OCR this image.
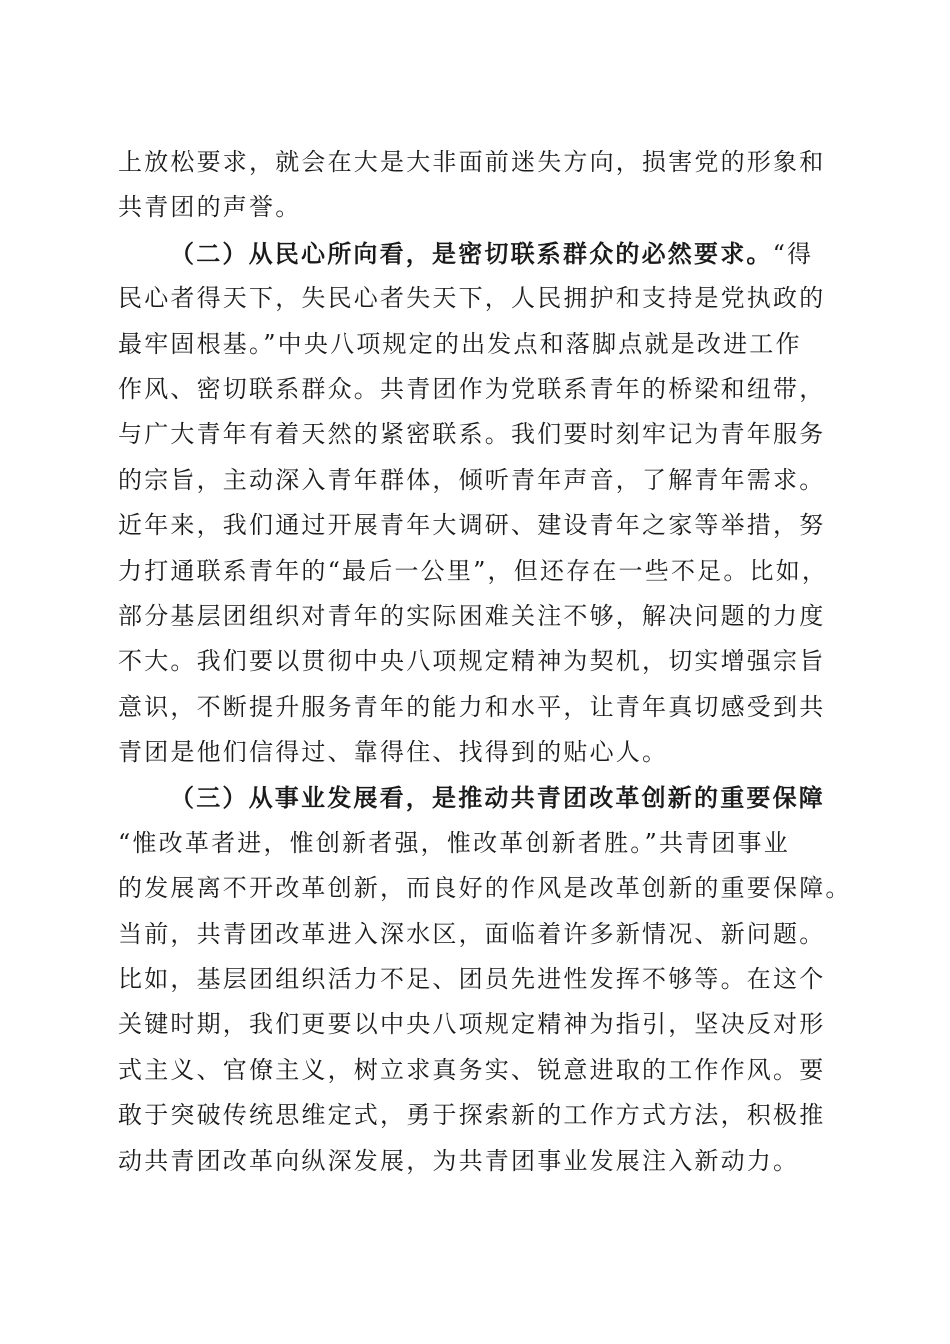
上放松要求，就会在大是大非面前迷失方向，损害党的形象和
共青团的声誉。
（二）从民心所向看，是密切联系群众的必然要求。“得
民心者得天下，失民心者失天下，人民拥护和支持是党执政的
最牢固根基。”中央八项规定的出发点和落脚点就是改进工作
作风、密切联系群众。共青团作为党联系青年的桥梁和纽带，
与广大青年有着天然的紧密联系。我们要时刻牢记为青年服务
的宗旨，主动深入青年群体，倾听青年声音，了解青年需求。
近年来，我们通过开展青年大调研、建设青年之家等举措，努
力打通联系青年的“最后一公里”，但还存在一些不足。比如，
部分基层团组织对青年的实际困难关注不够，解决问题的力度
不大。我们要以贯彻中央八项规定精神为契机，切实增强宗旨
意识，不断提升服务青年的能力和水平，让青年真切感受到共
青团是他们信得过、靠得住、找得到的贴心人。
（三）从事业发展看，是推动共青团改革创新的重要保障
“惟改革者进，惟创新者强，惟改革创新者胜。”共青团事业
的发展离不开改革创新，而良好的作风是改革创新的重要保障。
当前，共青团改革进入深水区，面临着许多新情况、新问题。
比如，基层团组织活力不足、团员先进性发挥不够等。在这个
关键时期，我们更要以中央八项规定精神为指引，坚决反对形
式主义、官僚主义，树立求真务实、锐意进取的工作作风。要
敢于突破传统思维定式，勇于探索新的工作方式方法，积极推
动共青团改革向纵深发展，为共青团事业发展注入新动力。
